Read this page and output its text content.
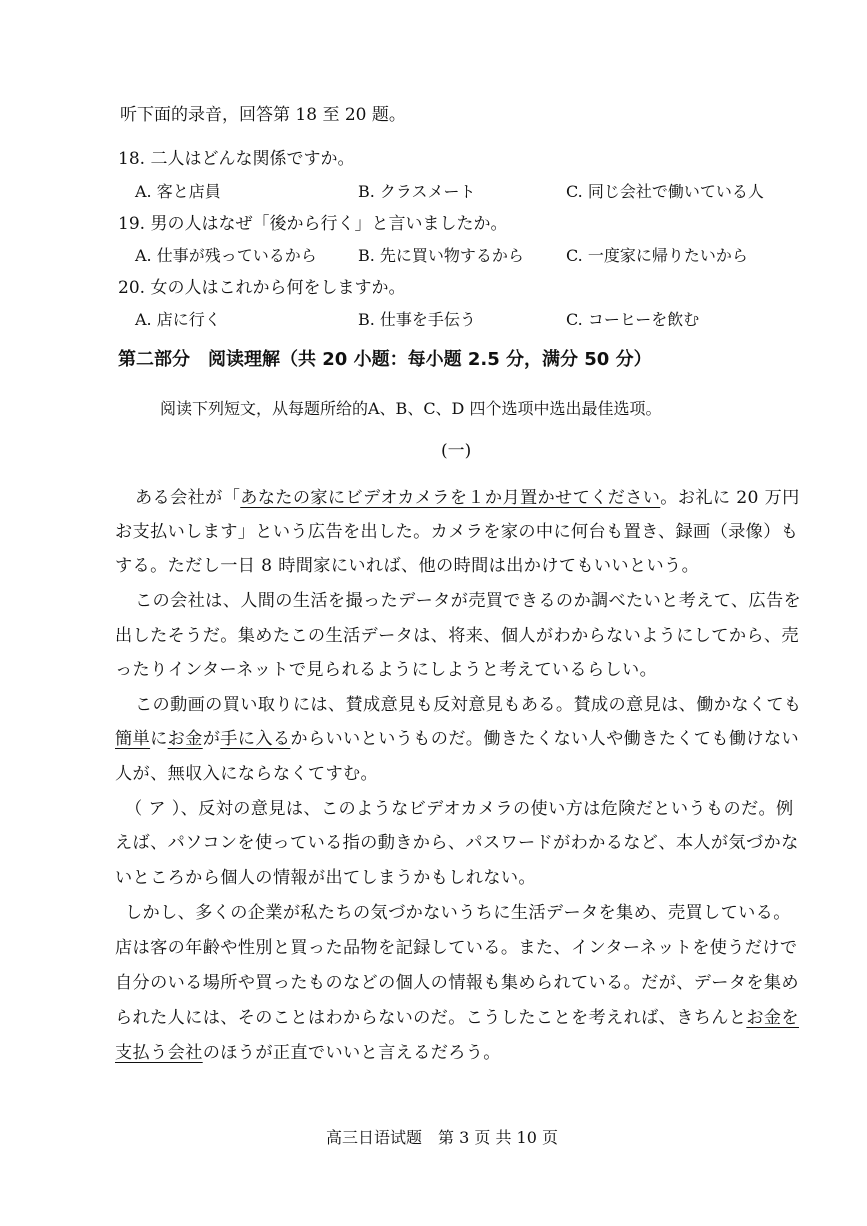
听下面的录音，回答第 18 至 20 题。
18. 二人はどんな関係ですか。
A. 客と店員	B. クラスメート	C. 同じ会社で働いている人
19. 男の人はなぜ「後から行く」と言いましたか。
A. 仕事が残っているから	B. 先に買い物するから	C. 一度家に帰りたいから
20. 女の人はこれから何をしますか。
A. 店に行く	B. 仕事を手伝う	C. コーヒーを飲む
第二部分　阅读理解（共 20 小题：每小题 2.5 分，满分 50 分）
阅读下列短文，从每题所给的A、B、C、D 四个选项中选出最佳选项。
(一)
ある会社が「あなたの家にビデオカメラを１か月置かせてください。お礼に 20 万円
お支払いします」という広告を出した。カメラを家の中に何台も置き、録画（录像）も
する。ただし一日 8 時間家にいれば、他の時間は出かけてもいいという。
この会社は、人間の生活を撮ったデータが売買できるのか調べたいと考えて、広告を
出したそうだ。集めたこの生活データは、将来、個人がわからないようにしてから、売
ったりインターネットで見られるようにしようと考えているらしい。
この動画の買い取りには、賛成意見も反対意見もある。賛成の意見は、働かなくても
簡単にお金が手に入るからいいというものだ。働きたくない人や働きたくても働けない
人が、無収入にならなくてすむ。
（ ア ）、反対の意見は、このようなビデオカメラの使い方は危険だというものだ。例
えば、パソコンを使っている指の動きから、パスワードがわかるなど、本人が気づかな
いところから個人の情報が出てしまうかもしれない。
しかし、多くの企業が私たちの気づかないうちに生活データを集め、売買している。
店は客の年齢や性別と買った品物を記録している。また、インターネットを使うだけで
自分のいる場所や買ったものなどの個人の情報も集められている。だが、データを集め
られた人には、そのことはわからないのだ。こうしたことを考えれば、きちんとお金を
支払う会社のほうが正直でいいと言えるだろう。
高三日语试题　第 3 页 共 10 页
